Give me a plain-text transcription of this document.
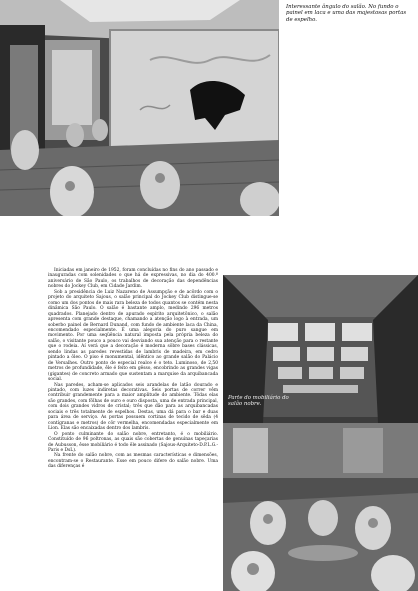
Interessante ângulo do salão. No fundo o painel em laca e uma das majestosas portas de espelho.
Parte do mobiliário do salão nobre.

Iniciadas em janeiro de 1952, foram concluídas no fins do ano passado e inauguradas com solenidades o que há de expressivas, no dia do 400.º aniversário de São Paulo, os trabalhos de decoração das dependências nobres do Jockey Club, em Cidade Jardim.

Sob a presidência de Luiz Nazareno de Assumpção e de acôrdo com o projeto do arquiteto Sajous, o salão principal do Jockey Club distingue-se como um dos pontos de mais rara beleza de todos quantos se contém nesta dinâmica São Paulo. O salão é bastante amplo, medindo 296 metros quadrados. Planejado dentro de apurado espírito arquitetônico, o salão apresenta com grande destaque, chamando a atenção logo à entrada, um soberbo painel de Bernard Dunand, com fundo de ambiente laca da China, encomendado especialmente. É uma alegoria do puro sangue em movimento. Por uma seqüência natural imposta pela própria beleza do salão, o visitante pouco a pouco vai desviando sua atenção para o restante que o rodeia. Aí verá que a decoração é moderna sôbre bases clássicas, sendo lindas as paredes revestidas de lambris de madeira, em cedro pintado a ôleo. O piso é monumental, idêntico ao grande salão do Palácio de Versalhes. Outro ponto de especial realce é o teto. Luminoso, de 2,50 metros de profundidade, êle é feito em gêsso, encobrindo as grandes vigas (gigantes) de concreto armado que sustentam a marquise da arquibancada social.

Nas paredes, acham-se aplicados seis arandelas de latão dourado e pintado, com luzes indiretas decorativas. Seis portas de correr vêm contribuir grandemente para a maior amplitude do ambiente. Tôdas elas são grandes, com fôlhas de ouro e ouro disposta, uma de entrada principal, com dois grandes vidros de cristal; três que dão para as arquibancadas sociais e três totalmente de espelhos. Destas, uma dá para o bar e duas para área de serviço. As portas possuem cortinas de tecido de sêda (4 contígranas e metros) de côr vermelha, encomendadas especialmente em Lion. Elas são encaixadas dentro dos lambris.

O ponto culminante do salão nobre, entretanto, é o mobiliário. Constituído de 96 poltronas, as quais são cobertas de genuínas tapeçarias de Aubusson, êsse mobiliário é todo êle assinado (Sajous-Arquiteto-D.P.L.G.-Paris e DsL).

Na frente do salão nobre, com as mesmas características e dimensões, encontram-se o Restaurante. Esse em pouco difere do salão nobre. Uma das diferenças é
